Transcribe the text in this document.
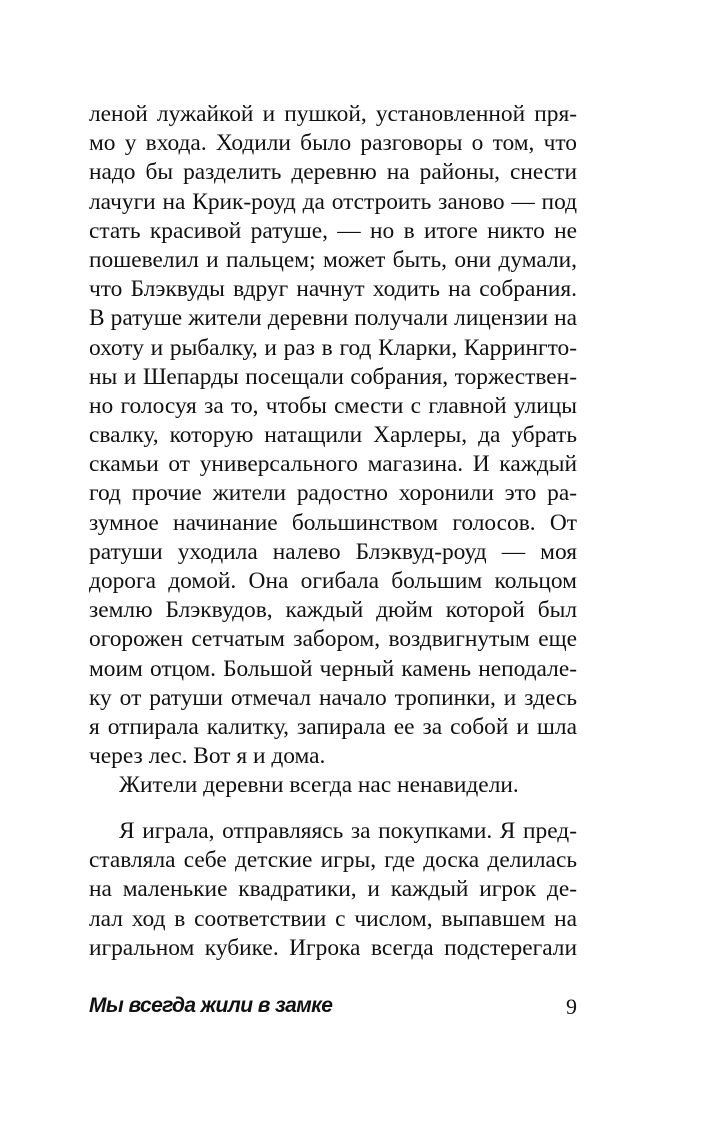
леной лужайкой и пушкой, установленной пря-
мо у входа. Ходили было разговоры о том, что
надо бы разделить деревню на районы, снести
лачуги на Крик-роуд да отстроить заново — под
стать красивой ратуше, — но в итоге никто не
пошевелил и пальцем; может быть, они думали,
что Блэквуды вдруг начнут ходить на собрания.
В ратуше жители деревни получали лицензии на
охоту и рыбалку, и раз в год Кларки, Каррингто-
ны и Шепарды посещали собрания, торжествен-
но голосуя за то, чтобы смести с главной улицы
свалку, которую натащили Харлеры, да убрать
скамьи от универсального магазина. И каждый
год прочие жители радостно хоронили это ра-
зумное начинание большинством голосов. От
ратуши уходила налево Блэквуд-роуд — моя
дорога домой. Она огибала большим кольцом
землю Блэквудов, каждый дюйм которой был
огорожен сетчатым забором, воздвигнутым еще
моим отцом. Большой черный камень неподале-
ку от ратуши отмечал начало тропинки, и здесь
я отпирала калитку, запирала ее за собой и шла
через лес. Вот я и дома.
Жители деревни всегда нас ненавидели.
Я играла, отправляясь за покупками. Я пред-
ставляла себе детские игры, где доска делилась
на маленькие квадратики, и каждый игрок де-
лал ход в соответствии с числом, выпавшем на
игральном кубике. Игрока всегда подстерегали
Мы всегда жили в замке	9
